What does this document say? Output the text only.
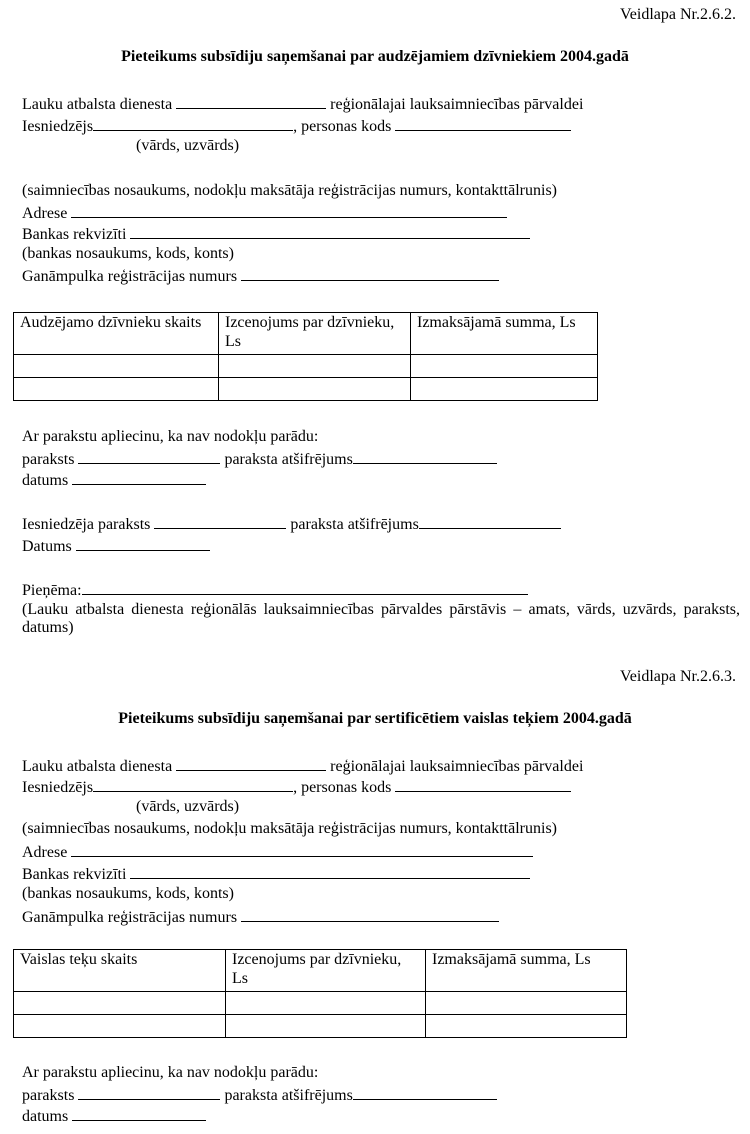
Veidlapa Nr.2.6.2.
Pieteikums subsīdiju saņemšanai par audzējamiem dzīvniekiem 2004.gadā
Lauku atbalsta dienesta	reģionālajai lauksaimniecības pārvaldei
Iesniedzējs	, personas kods
(vārds, uzvārds)
(saimniecības nosaukums, nodokļu maksātāja reģistrācijas numurs, kontakttālrunis)
Adrese
Bankas rekvizīti
(bankas nosaukums, kods, konts)
Ganāmpulka reģistrācijas numurs
Audzējamo dzīvnieku skaits	Izcenojums par dzīvnieku, Ls	Izmaksājamā summa, Ls

Ar parakstu apliecinu, ka nav nodokļu parādu:
paraksts	paraksta atšifrējums
datums
Iesniedzēja paraksts	paraksta atšifrējums
Datums
Pieņēma:
(Lauku atbalsta dienesta reģionālās lauksaimniecības pārvaldes pārstāvis – amats, vārds, uzvārds, paraksts, datums)
Veidlapa Nr.2.6.3.
Pieteikums subsīdiju saņemšanai par sertificētiem vaislas teķiem 2004.gadā
Lauku atbalsta dienesta	reģionālajai lauksaimniecības pārvaldei
Iesniedzējs	, personas kods
(vārds, uzvārds)
(saimniecības nosaukums, nodokļu maksātāja reģistrācijas numurs, kontakttālrunis)
Adrese
Bankas rekvizīti
(bankas nosaukums, kods, konts)
Ganāmpulka reģistrācijas numurs
Vaislas teķu skaits	Izcenojums par dzīvnieku, Ls	Izmaksājamā summa, Ls

Ar parakstu apliecinu, ka nav nodokļu parādu:
paraksts	paraksta atšifrējums
datums
